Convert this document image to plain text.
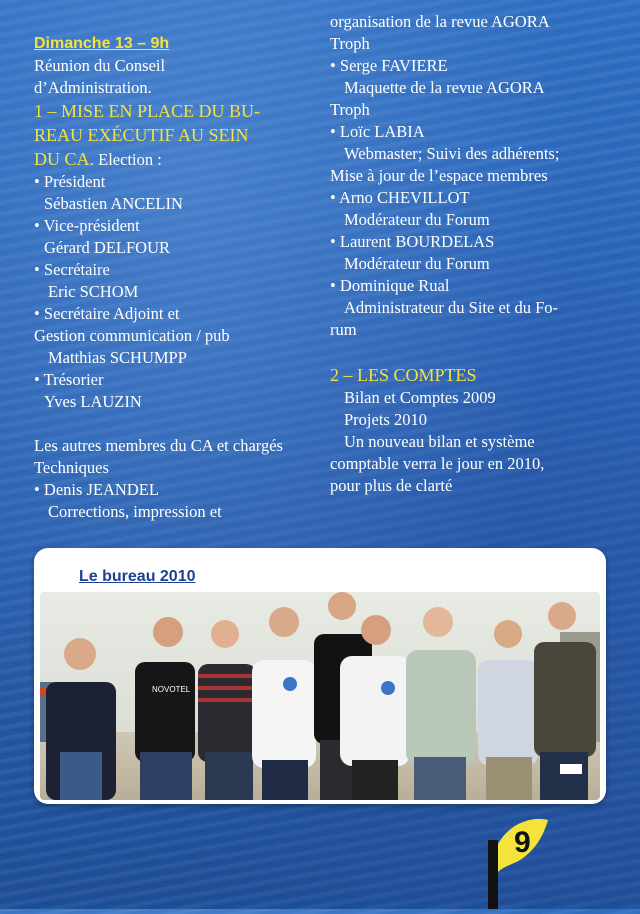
Dimanche 13 – 9h
Réunion du Conseil
d’Administration.
1 – MISE EN PLACE DU BU-
REAU EXÉCUTIF AU SEIN
DU CA. Election :
• Président
Sébastien ANCELIN
• Vice-président
Gérard DELFOUR
• Secrétaire
Eric SCHOM
• Secrétaire Adjoint et
Gestion communication / pub
Matthias SCHUMPP
• Trésorier
Yves LAUZIN
Les autres membres du CA et chargés
Techniques
• Denis JEANDEL
Corrections, impression et
organisation de la revue AGORA
Troph
• Serge FAVIERE
Maquette de la revue AGORA
Troph
• Loïc LABIA
Webmaster; Suivi des adhérents;
Mise à jour de l’espace membres
• Arno CHEVILLOT
Modérateur du Forum
• Laurent BOURDELAS
Modérateur du Forum
• Dominique Rual
Administrateur du Site et du Fo-
rum
2 – LES COMPTES
Bilan et Comptes 2009
Projets 2010
Un nouveau bilan et système
comptable verra le jour en 2010,
pour plus de clarté
Le bureau 2010
NOVOTEL
9
